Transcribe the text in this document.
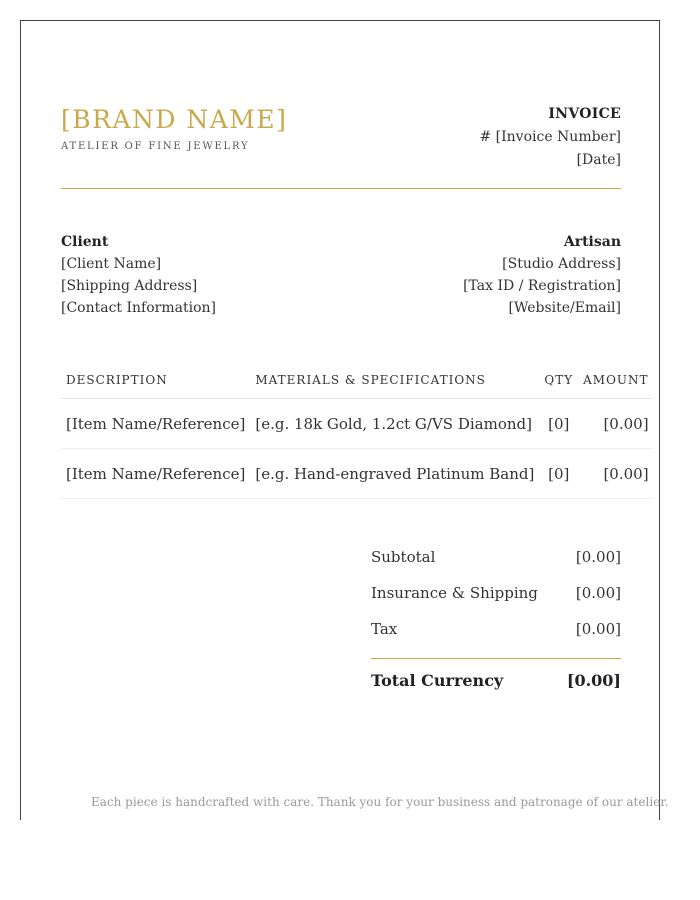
[BRAND NAME]
ATELIER OF FINE JEWELRY
INVOICE
# [Invoice Number]
[Date]
Client
[Client Name]
[Shipping Address]
[Contact Information]
Artisan
[Studio Address]
[Tax ID / Registration]
[Website/Email]
DESCRIPTION	MATERIALS & SPECIFICATIONS	QTY	AMOUNT
[Item Name/Reference]	[e.g. 18k Gold, 1.2ct G/VS Diamond]	[0]	[0.00]
[Item Name/Reference]	[e.g. Hand-engraved Platinum Band]	[0]	[0.00]
Subtotal	[0.00]
Insurance & Shipping	[0.00]
Tax	[0.00]
Total Currency	[0.00]
Each piece is handcrafted with care. Thank you for your business and patronage of our atelier.
